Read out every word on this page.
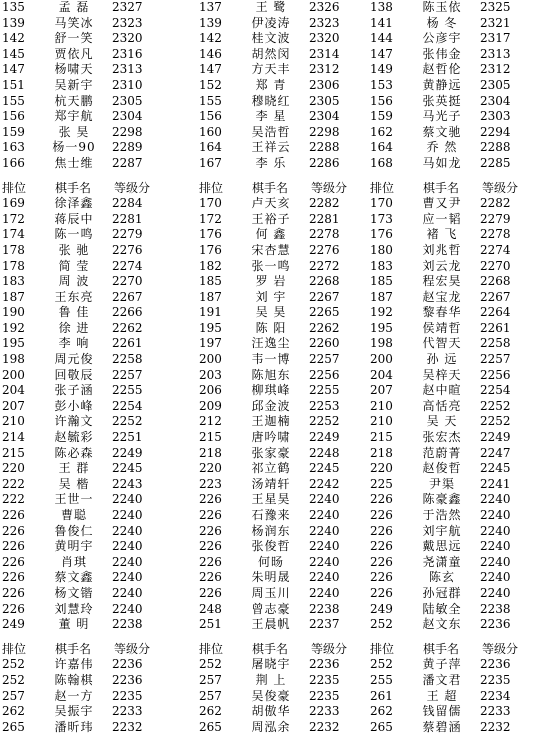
135	孟 磊	2327
139	马笑冰	2323
142	舒一笑	2320
145	贾依凡	2316
147	杨啸天	2313
151	吴新宇	2310
155	杭天鹏	2305
156	郑宇航	2304
159	张 昊	2298
163	杨一90	2289
166	焦士维	2287
排位	棋手名	等级分
169	徐泽鑫	2284
172	蒋辰中	2281
174	陈一鸣	2279
178	张 驰	2276
178	简 莹	2274
183	周 波	2270
187	王东亮	2267
190	鲁 佳	2266
192	徐 进	2262
195	李 响	2261
198	周元俊	2258
200	回敬辰	2257
204	张子涵	2255
207	彭小峰	2254
210	许瀚文	2252
214	赵毓彩	2251
215	陈必森	2249
220	王 群	2245
222	吴 楷	2243
222	王世一	2240
226	曹聪	2240
226	鲁俊仁	2240
226	黄明宇	2240
226	肖琪	2240
226	蔡文鑫	2240
226	杨文锴	2240
226	刘慧玲	2240
249	董 明	2238
排位	棋手名	等级分
252	许嘉伟	2236
252	陈翰棋	2236
257	赵一方	2235
262	吴振宇	2233
265	潘昕玮	2232
137	王 鹭	2326
139	伊凌涛	2323
142	桂文波	2320
146	胡然闵	2314
147	方天丰	2312
152	郑 青	2306
155	穆晓红	2305
156	李 星	2304
160	吴浩哲	2298
164	王祥云	2288
167	李 乐	2286
排位	棋手名	等级分
170	卢天亥	2282
172	王裕子	2281
176	何 鑫	2278
176	宋杏慧	2276
182	张一鸣	2272
185	罗 岩	2268
187	刘 宇	2267
191	吴 昊	2265
195	陈 阳	2262
197	汪逸尘	2260
200	韦一博	2257
203	陈旭东	2256
206	柳琪峰	2255
209	邱金波	2253
212	王迦楠	2252
215	唐吟啸	2249
218	张家豪	2248
220	祁立鹤	2245
223	汤靖轩	2242
226	王星昊	2240
226	石豫来	2240
226	杨润东	2240
226	张俊哲	2240
226	何旸	2240
226	朱明晟	2240
226	周玉川	2240
248	曾志豪	2238
251	王晨帆	2237
排位	棋手名	等级分
252	屠晓宇	2236
257	荆 上	2235
257	吴俊豪	2235
262	胡傲华	2233
265	周泓余	2232
138	陈玉依	2325
141	杨 冬	2321
144	公彦宇	2317
147	张伟金	2313
149	赵哲伦	2312
153	黄静远	2305
156	张英挺	2304
159	马光子	2303
162	蔡文驰	2294
164	乔 然	2288
168	马如龙	2285
排位	棋手名	等级分
170	曹又尹	2282
173	应一韬	2279
176	褚 飞	2278
180	刘兆哲	2274
183	刘云龙	2270
185	程宏昊	2268
187	赵宝龙	2267
192	黎春华	2264
195	侯靖哲	2261
198	代智天	2258
200	孙 远	2257
204	吴梓天	2256
207	赵中暄	2254
210	高恬亮	2252
210	吴 天	2252
215	张宏杰	2249
218	范蔚菁	2247
220	赵俊哲	2245
225	尹渠	2241
226	陈豪鑫	2240
226	于浩然	2240
226	刘宇航	2240
226	戴思远	2240
226	尧潇童	2240
226	陈玄	2240
226	孙冠群	2240
249	陆敏全	2238
252	赵文东	2236
排位	棋手名	等级分
252	黄子萍	2236
255	潘文君	2235
261	王 超	2234
262	钱留儒	2233
265	蔡碧涵	2232
